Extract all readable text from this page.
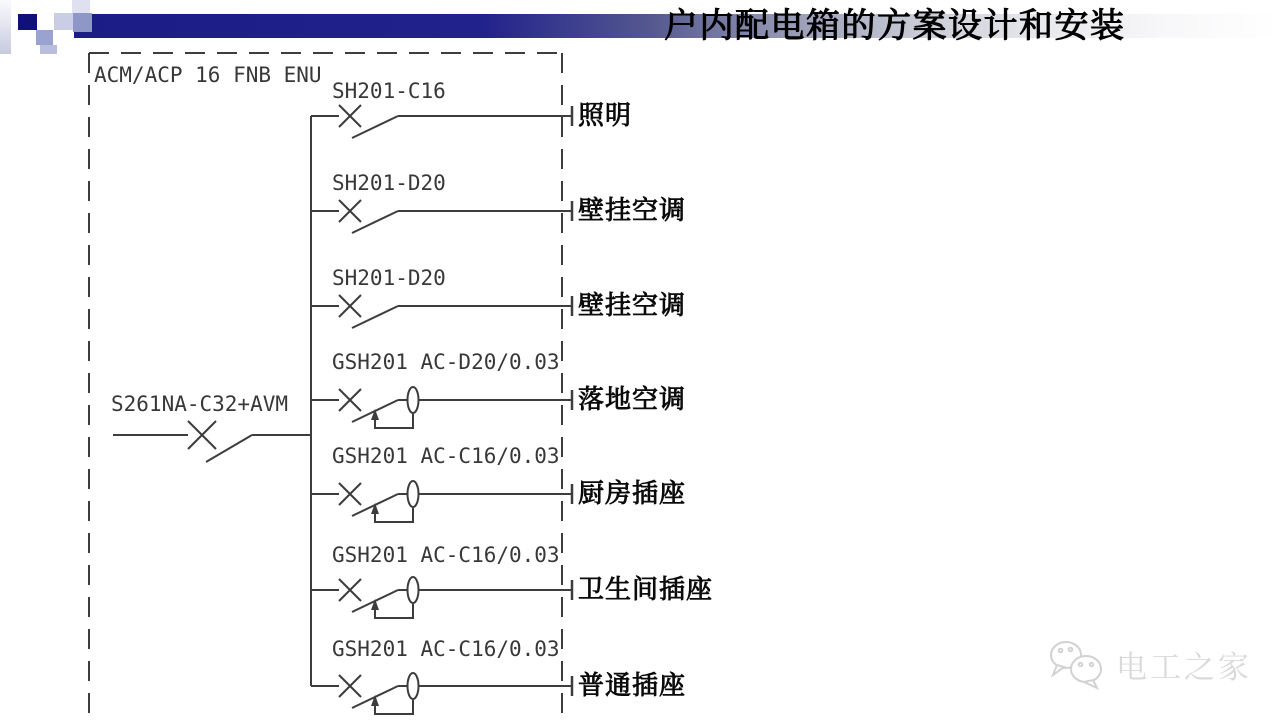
户内配电箱的方案设计和安装
ACM/ACP 16 FNB ENU
S261NA-C32+AVM
SH201-C16
SH201-D20
SH201-D20
GSH201 AC-D20/0.03
GSH201 AC-C16/0.03
GSH201 AC-C16/0.03
GSH201 AC-C16/0.03
照明
壁挂空调
壁挂空调
落地空调
厨房插座
卫生间插座
普通插座
电工之家
